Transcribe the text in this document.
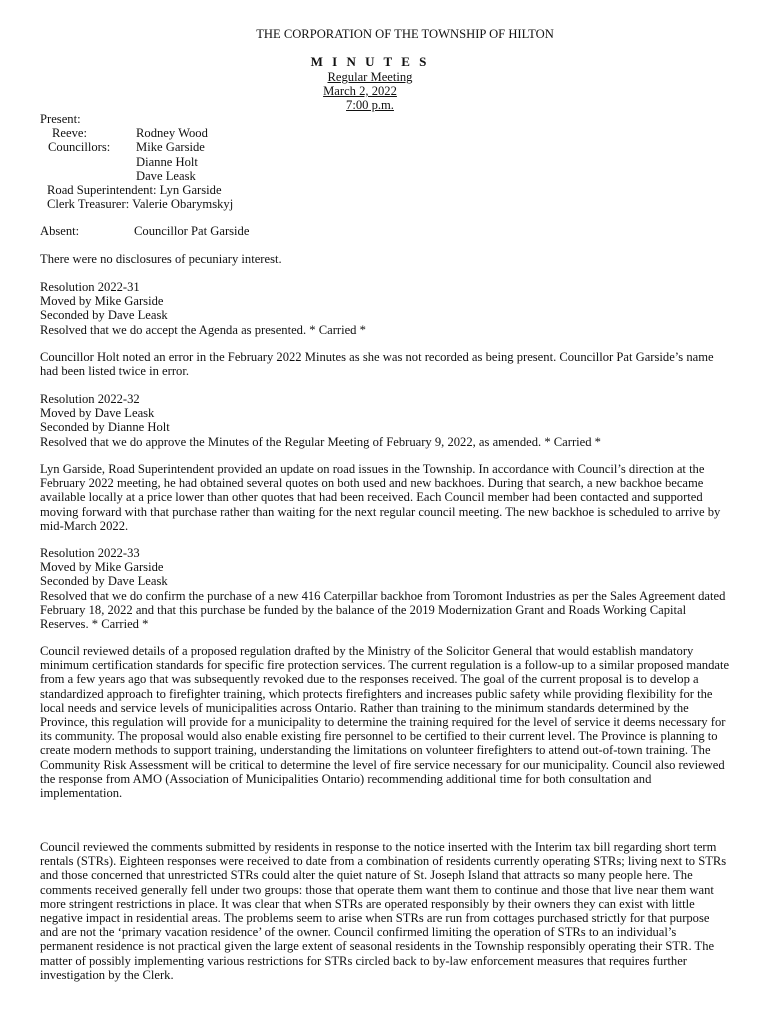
THE CORPORATION OF THE TOWNSHIP OF HILTON
M I N U T E S
Regular Meeting
March 2, 2022
7:00 p.m.
Present:
Reeve:	Rodney Wood
Councillors:	Mike Garside
Dianne Holt
Dave Leask
Road Superintendent: Lyn Garside
Clerk Treasurer: Valerie Obarymskyj
Absent:	Councillor Pat Garside
There were no disclosures of pecuniary interest.
Resolution 2022-31
Moved by Mike Garside
Seconded by Dave Leask
Resolved that we do accept the Agenda as presented. * Carried *
Councillor Holt noted an error in the February 2022 Minutes as she was not recorded as being present. Councillor Pat Garside’s name had been listed twice in error.
Resolution 2022-32
Moved by Dave Leask
Seconded by Dianne Holt
Resolved that we do approve the Minutes of the Regular Meeting of February 9, 2022, as amended. * Carried *
Lyn Garside, Road Superintendent provided an update on road issues in the Township. In accordance with Council’s direction at the February 2022 meeting, he had obtained several quotes on both used and new backhoes. During that search, a new backhoe became available locally at a price lower than other quotes that had been received. Each Council member had been contacted and supported moving forward with that purchase rather than waiting for the next regular council meeting. The new backhoe is scheduled to arrive by mid-March 2022.
Resolution 2022-33
Moved by Mike Garside
Seconded by Dave Leask
Resolved that we do confirm the purchase of a new 416 Caterpillar backhoe from Toromont Industries as per the Sales Agreement dated February 18, 2022 and that this purchase be funded by the balance of the 2019 Modernization Grant and Roads Working Capital Reserves. * Carried *
Council reviewed details of a proposed regulation drafted by the Ministry of the Solicitor General that would establish mandatory minimum certification standards for specific fire protection services. The current regulation is a follow-up to a similar proposed mandate from a few years ago that was subsequently revoked due to the responses received. The goal of the current proposal is to develop a standardized approach to firefighter training, which protects firefighters and increases public safety while providing flexibility for the local needs and service levels of municipalities across Ontario. Rather than training to the minimum standards determined by the Province, this regulation will provide for a municipality to determine the training required for the level of service it deems necessary for its community. The proposal would also enable existing fire personnel to be certified to their current level. The Province is planning to create modern methods to support training, understanding the limitations on volunteer firefighters to attend out-of-town training. The Community Risk Assessment will be critical to determine the level of fire service necessary for our municipality. Council also reviewed the response from AMO (Association of Municipalities Ontario) recommending additional time for both consultation and implementation.
Council reviewed the comments submitted by residents in response to the notice inserted with the Interim tax bill regarding short term rentals (STRs). Eighteen responses were received to date from a combination of residents currently operating STRs; living next to STRs and those concerned that unrestricted STRs could alter the quiet nature of St. Joseph Island that attracts so many people here. The comments received generally fell under two groups: those that operate them want them to continue and those that live near them want more stringent restrictions in place. It was clear that when STRs are operated responsibly by their owners they can exist with little negative impact in residential areas. The problems seem to arise when STRs are run from cottages purchased strictly for that purpose and are not the ‘primary vacation residence’ of the owner. Council confirmed limiting the operation of STRs to an individual’s permanent residence is not practical given the large extent of seasonal residents in the Township responsibly operating their STR. The matter of possibly implementing various restrictions for STRs circled back to by-law enforcement measures that requires further investigation by the Clerk.
